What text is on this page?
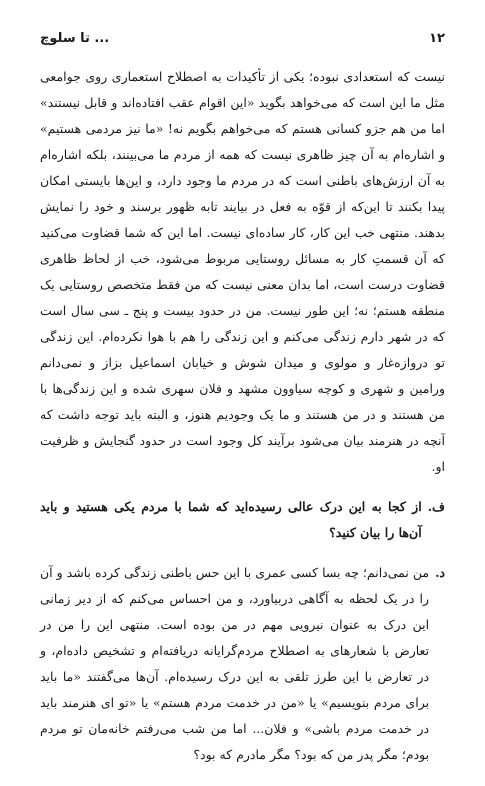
۱۲
... تا سلوچ

نیست که استعدادی نبوده؛ یکی از تأکیدات به اصطلاح استعماری روی جوامعی مثل ما این است که می‌خواهد بگوید «این اقوام عقب افتاده‌اند و قابل نیستند» اما من هم جزو کسانی هستم که می‌خواهم بگویم نه! «ما نیز مردمی هستیم» و اشاره‌ام به آن چیز ظاهری نیست که همه از مردم ما می‌بینند، بلکه اشاره‌ام به آن ارزش‌های باطنی است که در مردم ما وجود دارد، و این‌ها بایستی امکان پیدا بکنند تا این‌که از قوّه به فعل در بیایند تابه ظهور برسند و خود را نمایش بدهند. منتهی خب این کار، کار ساده‌ای نیست. اما این که شما قضاوت می‌کنید که آن قسمتِ کار به مسائل روستایی مربوط می‌شود، خب از لحاظ ظاهری قضاوت درست است، اما بدان معنی نیست که من فقط متخصص روستایی یک منطقه هستم؛ نه؛ این طور نیست. من در حدود بیست و پنج ـ سی سال است که در شهر دارم زندگی می‌کنم و این زندگی را هم با هوا نکرده‌ام. این زندگی تو دروازه‌غار و مولوی و میدان شوش و خیابان اسماعیل بزاز و نمی‌دانم ورامین و شهری و کوچه سیاوون مشهد و فلان سهری شده و این زندگی‌ها با من هستند و در من هستند و ما یک وجودیم هنوز، و البته باید توجه داشت که آنچه در هنرمند بیان می‌شود برآیند کل وجود است در حدود گنجایش و ظرفیت او.

ف.
از کجا به این درک عالی رسیده‌اید که شما با مردم یکی هستید و باید آن‌ها را بیان کنید؟
د.
من نمی‌دانم؛ چه بسا کسی عمری با این حس باطنی زندگی کرده باشد و آن را در یک لحظه به آگاهی دربیاورد، و من احساس می‌کنم که از دیر زمانی این درک به عنوان نیرویی مهم در من بوده است. منتهی این را من در تعارض با شعارهای به اصطلاح مردم‌گرایانه دریافته‌ام و تشخیص داده‌ام، و در تعارض با این طرز تلقی به این درک رسیده‌ام. آن‌ها می‌گفتند «ما باید برای مردم بنویسیم» یا «من در خدمت مردم هستم» یا «تو ای هنرمند باید در خدمت مردم باشی» و فلان... اما من شب می‌رفتم خانه‌مان تو مردم بودم؛ مگر پدر من که بود؟ مگر مادرم که بود؟
